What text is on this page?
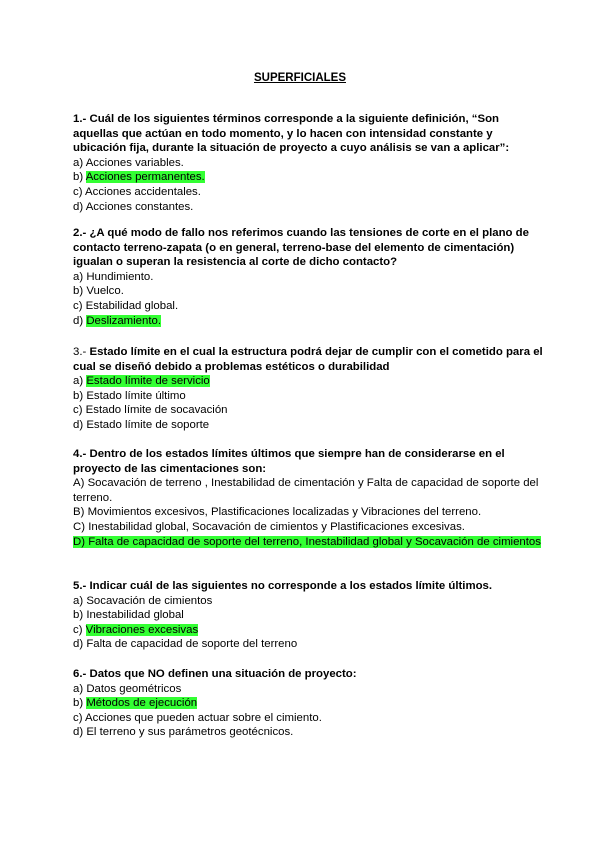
SUPERFICIALES

1.- Cuál de los siguientes términos corresponde a la siguiente definición, “Son aquellas que actúan en todo momento, y lo hacen con intensidad constante y ubicación fija, durante la situación de proyecto a cuyo análisis se van a aplicar”:

a) Acciones variables.

b) Acciones permanentes.

c) Acciones accidentales.

d) Acciones constantes.

2.- ¿A qué modo de fallo nos referimos cuando las tensiones de corte en el plano de contacto terreno-zapata (o en general, terreno-base del elemento de cimentación) igualan o superan la resistencia al corte de dicho contacto?

a) Hundimiento.

b) Vuelco.

c) Estabilidad global.

d) Deslizamiento.

3.- Estado límite en el cual la estructura podrá dejar de cumplir con el cometido para el cual se diseñó debido a problemas estéticos o durabilidad

a) Estado límite de servicio

b) Estado límite último

c) Estado límite de socavación

d) Estado límite de soporte

4.- Dentro de los estados límites últimos que siempre han de considerarse en el proyecto de las cimentaciones son:

A) Socavación de terreno , Inestabilidad de cimentación y Falta de capacidad de soporte del terreno.

B) Movimientos excesivos, Plastificaciones localizadas y Vibraciones del terreno.

C) Inestabilidad global, Socavación de cimientos y Plastificaciones excesivas.

D) Falta de capacidad de soporte del terreno, Inestabilidad global y Socavación de cimientos

5.- Indicar cuál de las siguientes no corresponde a los estados límite últimos.

a) Socavación de cimientos

b) Inestabilidad global

c) Vibraciones excesivas

d) Falta de capacidad de soporte del terreno

6.- Datos que NO definen una situación de proyecto:

a) Datos geométricos

b) Métodos de ejecución

c) Acciones que pueden actuar sobre el cimiento.

d) El terreno y sus parámetros geotécnicos.
